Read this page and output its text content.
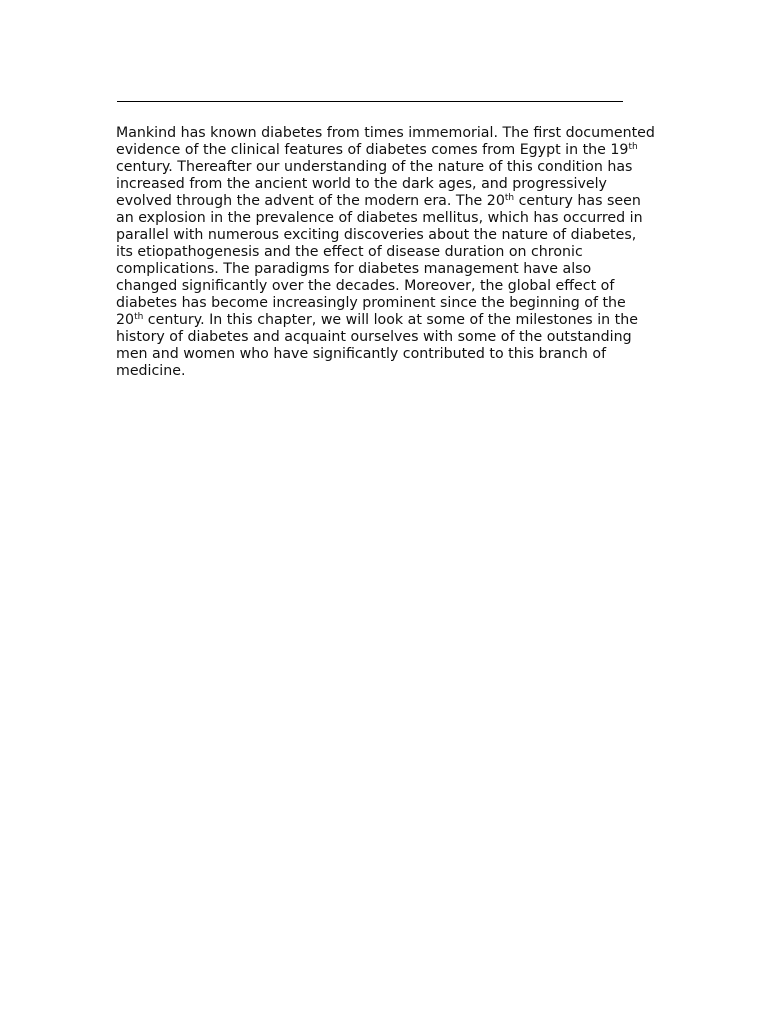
Mankind has known diabetes from times immemorial. The first documented evidence of the clinical features of diabetes comes from Egypt in the 19th century. Thereafter our understanding of the nature of this condition has increased from the ancient world to the dark ages, and progressively evolved through the advent of the modern era. The 20th century has seen an explosion in the prevalence of diabetes mellitus, which has occurred in parallel with numerous exciting discoveries about the nature of diabetes, its etiopathogenesis and the effect of disease duration on chronic complications. The paradigms for diabetes management have also changed significantly over the decades. Moreover, the global effect of diabetes has become increasingly prominent since the beginning of the 20th century. In this chapter, we will look at some of the milestones in the history of diabetes and acquaint ourselves with some of the outstanding men and women who have significantly contributed to this branch of medicine.
